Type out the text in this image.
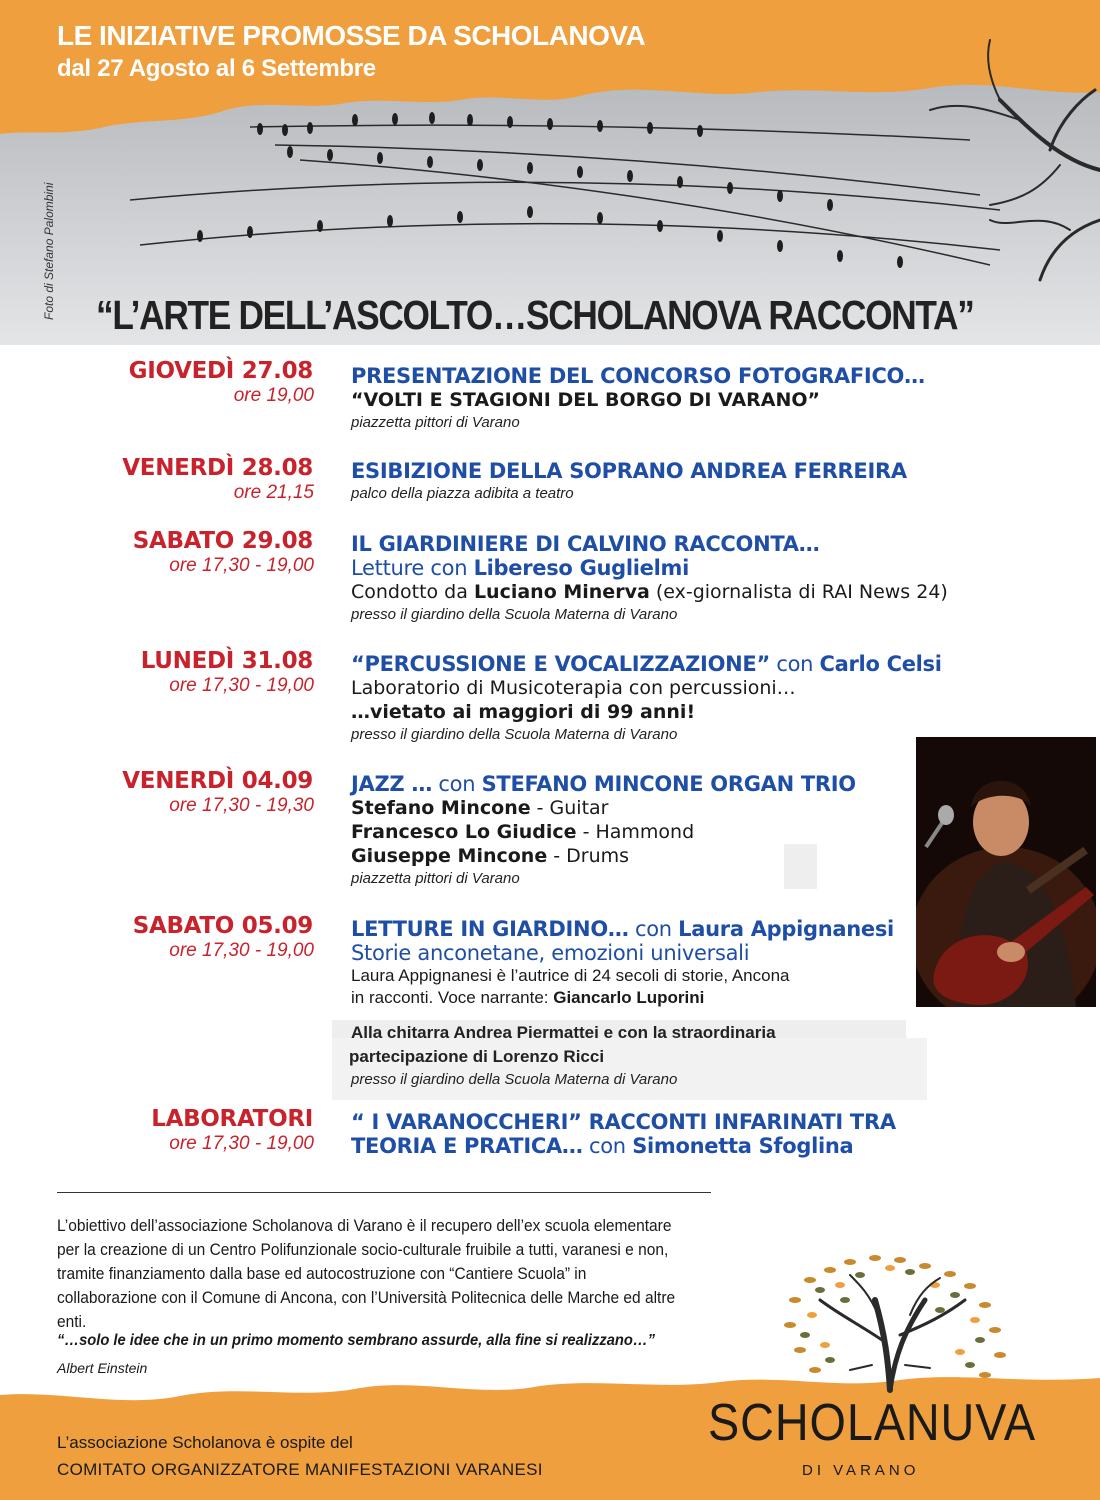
LE INIZIATIVE PROMOSSE DA SCHOLANOVA
dal 27 Agosto al 6 Settembre
Foto di Stefano Palombini “L’ARTE DELL’ASCOLTO…SCHOLANOVA RACCONTA”
GIOVEDÌ 27.08
ore 19,00
PRESENTAZIONE DEL CONCORSO FOTOGRAFICO…
“VOLTI E STAGIONI DEL BORGO DI VARANO”
piazzetta pittori di Varano
VENERDÌ 28.08
ore 21,15
ESIBIZIONE DELLA SOPRANO ANDREA FERREIRA
palco della piazza adibita a teatro
SABATO 29.08
ore 17,30 - 19,00
IL GIARDINIERE DI CALVINO RACCONTA…
Letture con Libereso Guglielmi
Condotto da Luciano Minerva (ex-giornalista di RAI News 24)
presso il giardino della Scuola Materna di Varano
LUNEDÌ 31.08
ore 17,30 - 19,00
“PERCUSSIONE E VOCALIZZAZIONE” con Carlo Celsi
Laboratorio di Musicoterapia con percussioni…
…vietato ai maggiori di 99 anni!
presso il giardino della Scuola Materna di Varano
VENERDÌ 04.09
ore 17,30 - 19,30
JAZZ … con STEFANO MINCONE ORGAN TRIO
Stefano Mincone - Guitar
Francesco Lo Giudice - Hammond
Giuseppe Mincone - Drums
piazzetta pittori di Varano
SABATO 05.09
ore 17,30 - 19,00
LETTURE IN GIARDINO… con Laura Appignanesi
Storie anconetane, emozioni universali
Laura Appignanesi è l’autrice di 24 secoli di storie, Ancona
in racconti. Voce narrante: Giancarlo Luporini
Alla chitarra Andrea Piermattei e con la straordinaria
partecipazione di Lorenzo Ricci
presso il giardino della Scuola Materna di Varano
LABORATORI
ore 17,30 - 19,00
“ I VARANOCCHERI” RACCONTI INFARINATI TRA
TEORIA E PRATICA… con Simonetta Sfoglina
L’obiettivo dell’associazione Scholanova di Varano è il recupero dell’ex scuola elementare per la creazione di un Centro Polifunzionale socio-culturale fruibile a tutti, varanesi e non, tramite finanziamento dalla base ed autocostruzione con “Cantiere Scuola” in collaborazione con il Comune di Ancona, con l’Università Politecnica delle Marche ed altre enti.
“…solo le idee che in un primo momento sembrano assurde, alla fine si realizzano…”
Albert Einstein
L’associazione Scholanova è ospite del
COMITATO ORGANIZZATORE MANIFESTAZIONI VARANESI
SCHOLANUVA
DI VARANO
